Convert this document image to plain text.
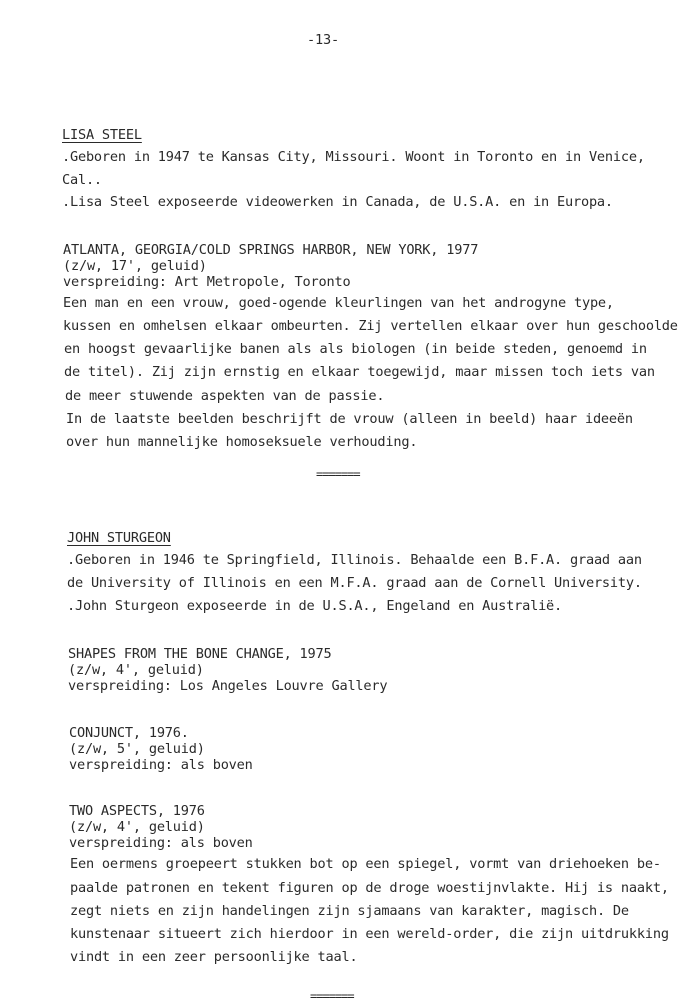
-13-
LISA STEEL
.Geboren in 1947 te Kansas City, Missouri. Woont in Toronto en in Venice,
Cal..
.Lisa Steel exposeerde videowerken in Canada, de U.S.A. en in Europa.
ATLANTA, GEORGIA/COLD SPRINGS HARBOR, NEW YORK, 1977
(z/w, 17', geluid)
verspreiding: Art Metropole, Toronto
Een man en een vrouw, goed-ogende kleurlingen van het androgyne type,
kussen en omhelsen elkaar ombeurten. Zij vertellen elkaar over hun geschoolde
en hoogst gevaarlijke banen als als biologen (in beide steden, genoemd in
de titel). Zij zijn ernstig en elkaar toegewijd, maar missen toch iets van
de meer stuwende aspekten van de passie.
In de laatste beelden beschrijft de vrouw (alleen in beeld) haar ideeën
over hun mannelijke homoseksuele verhouding.
=======
JOHN STURGEON
.Geboren in 1946 te Springfield, Illinois. Behaalde een B.F.A. graad aan
de University of Illinois en een M.F.A. graad aan de Cornell University.
.John Sturgeon exposeerde in de U.S.A., Engeland en Australië.
SHAPES FROM THE BONE CHANGE, 1975
(z/w, 4', geluid)
verspreiding: Los Angeles Louvre Gallery
CONJUNCT, 1976.
(z/w, 5', geluid)
verspreiding: als boven
TWO ASPECTS, 1976
(z/w, 4', geluid)
verspreiding: als boven
Een oermens groepeert stukken bot op een spiegel, vormt van driehoeken be-
paalde patronen en tekent figuren op de droge woestijnvlakte. Hij is naakt,
zegt niets en zijn handelingen zijn sjamaans van karakter, magisch. De
kunstenaar situeert zich hierdoor in een wereld-order, die zijn uitdrukking
vindt in een zeer persoonlijke taal.
=======
